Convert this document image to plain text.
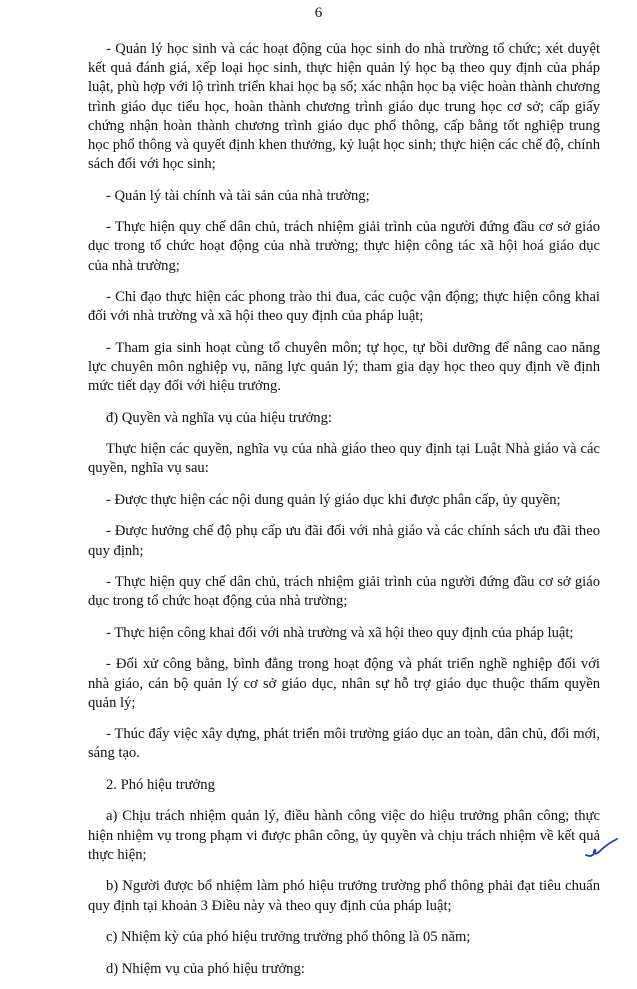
6

- Quản lý học sinh và các hoạt động của học sinh do nhà trường tổ chức; xét duyệt kết quả đánh giá, xếp loại học sinh, thực hiện quản lý học bạ theo quy định của pháp luật, phù hợp với lộ trình triển khai học bạ số; xác nhận học bạ việc hoàn thành chương trình giáo dục tiểu học, hoàn thành chương trình giáo dục trung học cơ sở; cấp giấy chứng nhận hoàn thành chương trình giáo dục phổ thông, cấp bằng tốt nghiệp trung học phổ thông và quyết định khen thưởng, kỷ luật học sinh; thực hiện các chế độ, chính sách đối với học sinh;

- Quản lý tài chính và tài sản của nhà trường;

- Thực hiện quy chế dân chủ, trách nhiệm giải trình của người đứng đầu cơ sở giáo dục trong tổ chức hoạt động của nhà trường; thực hiện công tác xã hội hoá giáo dục của nhà trường;

- Chỉ đạo thực hiện các phong trào thi đua, các cuộc vận động; thực hiện công khai đối với nhà trường và xã hội theo quy định của pháp luật;

- Tham gia sinh hoạt cùng tổ chuyên môn; tự học, tự bồi dưỡng để nâng cao năng lực chuyên môn nghiệp vụ, năng lực quản lý; tham gia dạy học theo quy định về định mức tiết dạy đối với hiệu trưởng.

đ) Quyền và nghĩa vụ của hiệu trưởng:

Thực hiện các quyền, nghĩa vụ của nhà giáo theo quy định tại Luật Nhà giáo và các quyền, nghĩa vụ sau:

- Được thực hiện các nội dung quản lý giáo dục khi được phân cấp, ủy quyền;

- Được hưởng chế độ phụ cấp ưu đãi đối với nhà giáo và các chính sách ưu đãi theo quy định;

- Thực hiện quy chế dân chủ, trách nhiệm giải trình của người đứng đầu cơ sở giáo dục trong tổ chức hoạt động của nhà trường;

- Thực hiện công khai đối với nhà trường và xã hội theo quy định của pháp luật;

- Đối xử công bằng, bình đẳng trong hoạt động và phát triển nghề nghiệp đối với nhà giáo, cán bộ quản lý cơ sở giáo dục, nhân sự hỗ trợ giáo dục thuộc thẩm quyền quản lý;

- Thúc đẩy việc xây dựng, phát triển môi trường giáo dục an toàn, dân chủ, đổi mới, sáng tạo.

2. Phó hiệu trưởng

a) Chịu trách nhiệm quản lý, điều hành công việc do hiệu trưởng phân công; thực hiện nhiệm vụ trong phạm vi được phân công, ủy quyền và chịu trách nhiệm về kết quả thực hiện;

b) Người được bổ nhiệm làm phó hiệu trưởng trường phổ thông phải đạt tiêu chuẩn quy định tại khoản 3 Điều này và theo quy định của pháp luật;

c) Nhiệm kỳ của phó hiệu trưởng trường phổ thông là 05 năm;

d) Nhiệm vụ của phó hiệu trưởng:
